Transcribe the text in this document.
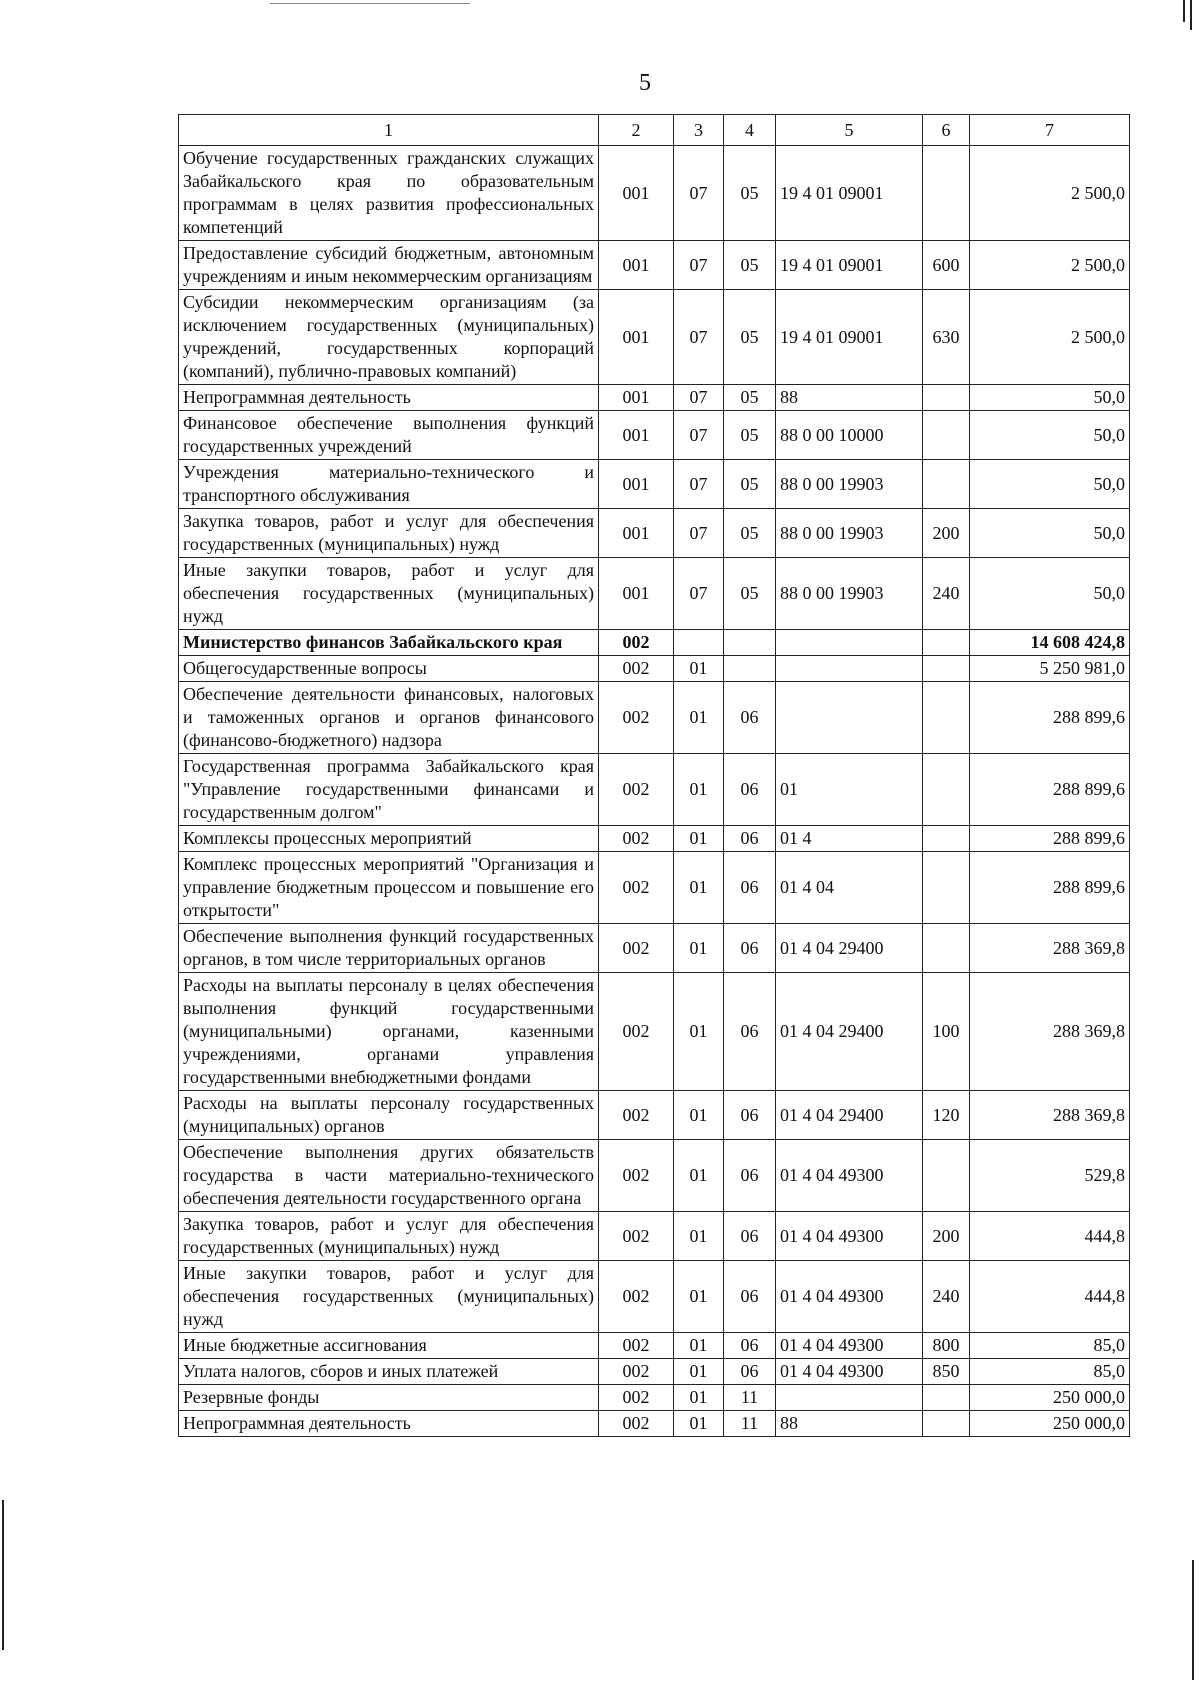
5
1	2	3	4	5	6	7
Обучение государственных гражданских служащих Забайкальского края по образовательным программам в целях развития профессиональных компетенций	001	07	05	19 4 01 09001		2 500,0
Предоставление субсидий бюджетным, автономным учреждениям и иным некоммерческим организациям	001	07	05	19 4 01 09001	600	2 500,0
Субсидии некоммерческим организациям (за исключением государственных (муниципальных) учреждений, государственных корпораций (компаний), публично-правовых компаний)	001	07	05	19 4 01 09001	630	2 500,0
Непрограммная деятельность	001	07	05	88		50,0
Финансовое обеспечение выполнения функций государственных учреждений	001	07	05	88 0 00 10000		50,0
Учреждения материально-технического и транспортного обслуживания	001	07	05	88 0 00 19903		50,0
Закупка товаров, работ и услуг для обеспечения государственных (муниципальных) нужд	001	07	05	88 0 00 19903	200	50,0
Иные закупки товаров, работ и услуг для обеспечения государственных (муниципальных) нужд	001	07	05	88 0 00 19903	240	50,0
Министерство финансов Забайкальского края	002					14 608 424,8
Общегосударственные вопросы	002	01				5 250 981,0
Обеспечение деятельности финансовых, налоговых и таможенных органов и органов финансового (финансово-бюджетного) надзора	002	01	06			288 899,6
Государственная программа Забайкальского края "Управление государственными финансами и государственным долгом"	002	01	06	01		288 899,6
Комплексы процессных мероприятий	002	01	06	01 4		288 899,6
Комплекс процессных мероприятий "Организация и управление бюджетным процессом и повышение его открытости"	002	01	06	01 4 04		288 899,6
Обеспечение выполнения функций государственных органов, в том числе территориальных органов	002	01	06	01 4 04 29400		288 369,8
Расходы на выплаты персоналу в целях обеспечения выполнения функций государственными (муниципальными) органами, казенными учреждениями, органами управления государственными внебюджетными фондами	002	01	06	01 4 04 29400	100	288 369,8
Расходы на выплаты персоналу государственных (муниципальных) органов	002	01	06	01 4 04 29400	120	288 369,8
Обеспечение выполнения других обязательств государства в части материально-технического обеспечения деятельности государственного органа	002	01	06	01 4 04 49300		529,8
Закупка товаров, работ и услуг для обеспечения государственных (муниципальных) нужд	002	01	06	01 4 04 49300	200	444,8
Иные закупки товаров, работ и услуг для обеспечения государственных (муниципальных) нужд	002	01	06	01 4 04 49300	240	444,8
Иные бюджетные ассигнования	002	01	06	01 4 04 49300	800	85,0
Уплата налогов, сборов и иных платежей	002	01	06	01 4 04 49300	850	85,0
Резервные фонды	002	01	11			250 000,0
Непрограммная деятельность	002	01	11	88		250 000,0
